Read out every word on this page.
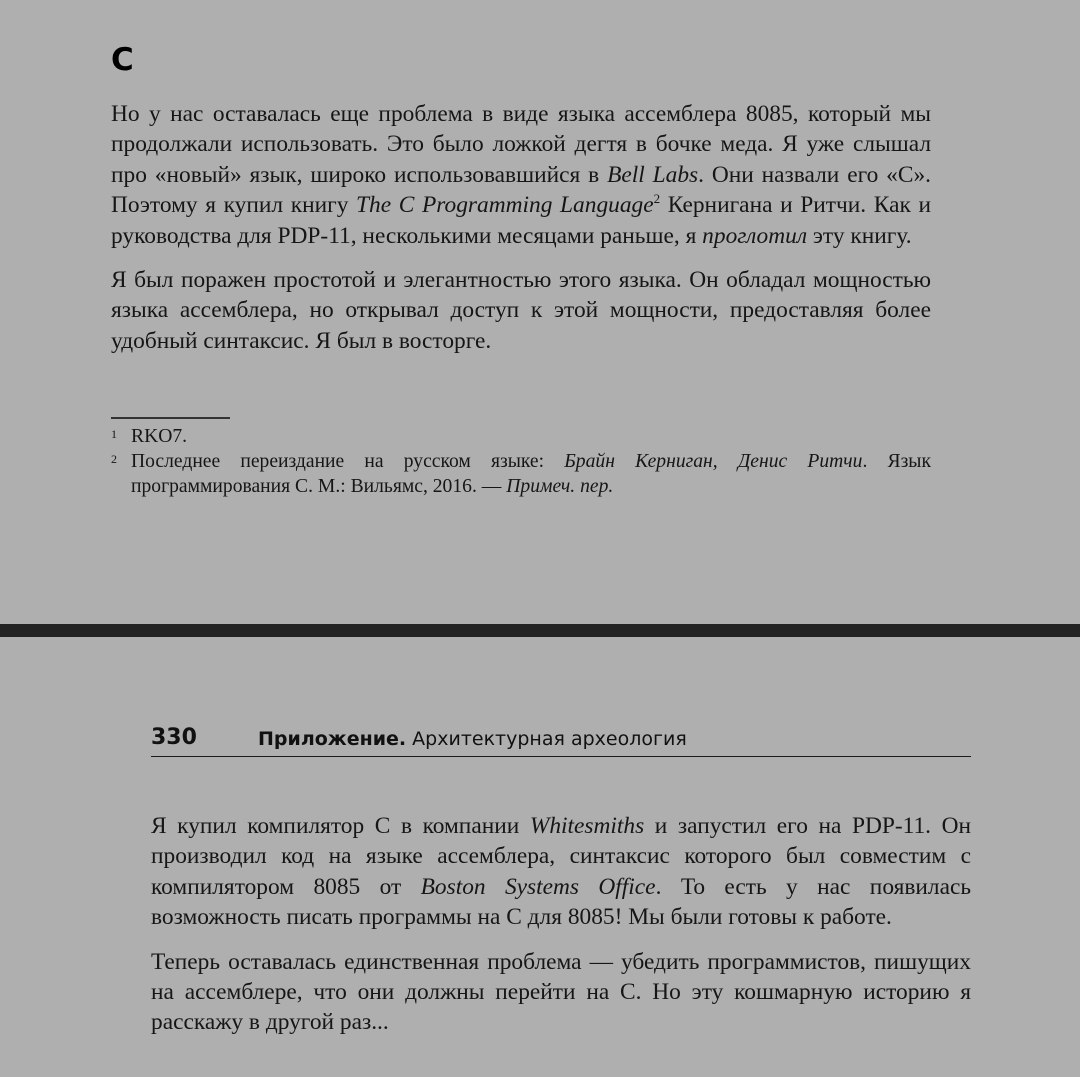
C

Но у нас оставалась еще проблема в виде языка ассемблера 8085, который мы продолжали использовать. Это было ложкой дегтя в бочке меда. Я уже слышал про «новый» язык, широко использовавшийся в Bell Labs. Они назвали его «C». Поэтому я купил книгу The C Programming Language$^2$ Кернигана и Ритчи. Как и руководства для PDP-11, несколькими месяцами раньше, я проглотил эту книгу.

Я был поражен простотой и элегантностью этого языка. Он обладал мощностью языка ассемблера, но открывал доступ к этой мощности, предоставляя более удобный синтаксис. Я был в восторге.

1 RKO7.
2 Последнее переиздание на русском языке: Брайн Керниган, Денис Ритчи. Язык программирования C. М.: Вильямс, 2016. — Примеч. пер.
330	Приложение. Архитектурная археология

Я купил компилятор C в компании Whitesmiths и запустил его на PDP-11. Он производил код на языке ассемблера, синтаксис которого был совместим с компилятором 8085 от Boston Systems Office. То есть у нас появилась возможность писать программы на C для 8085! Мы были готовы к работе.

Теперь оставалась единственная проблема — убедить программистов, пишущих на ассемблере, что они должны перейти на C. Но эту кошмарную историю я расскажу в другой раз...
